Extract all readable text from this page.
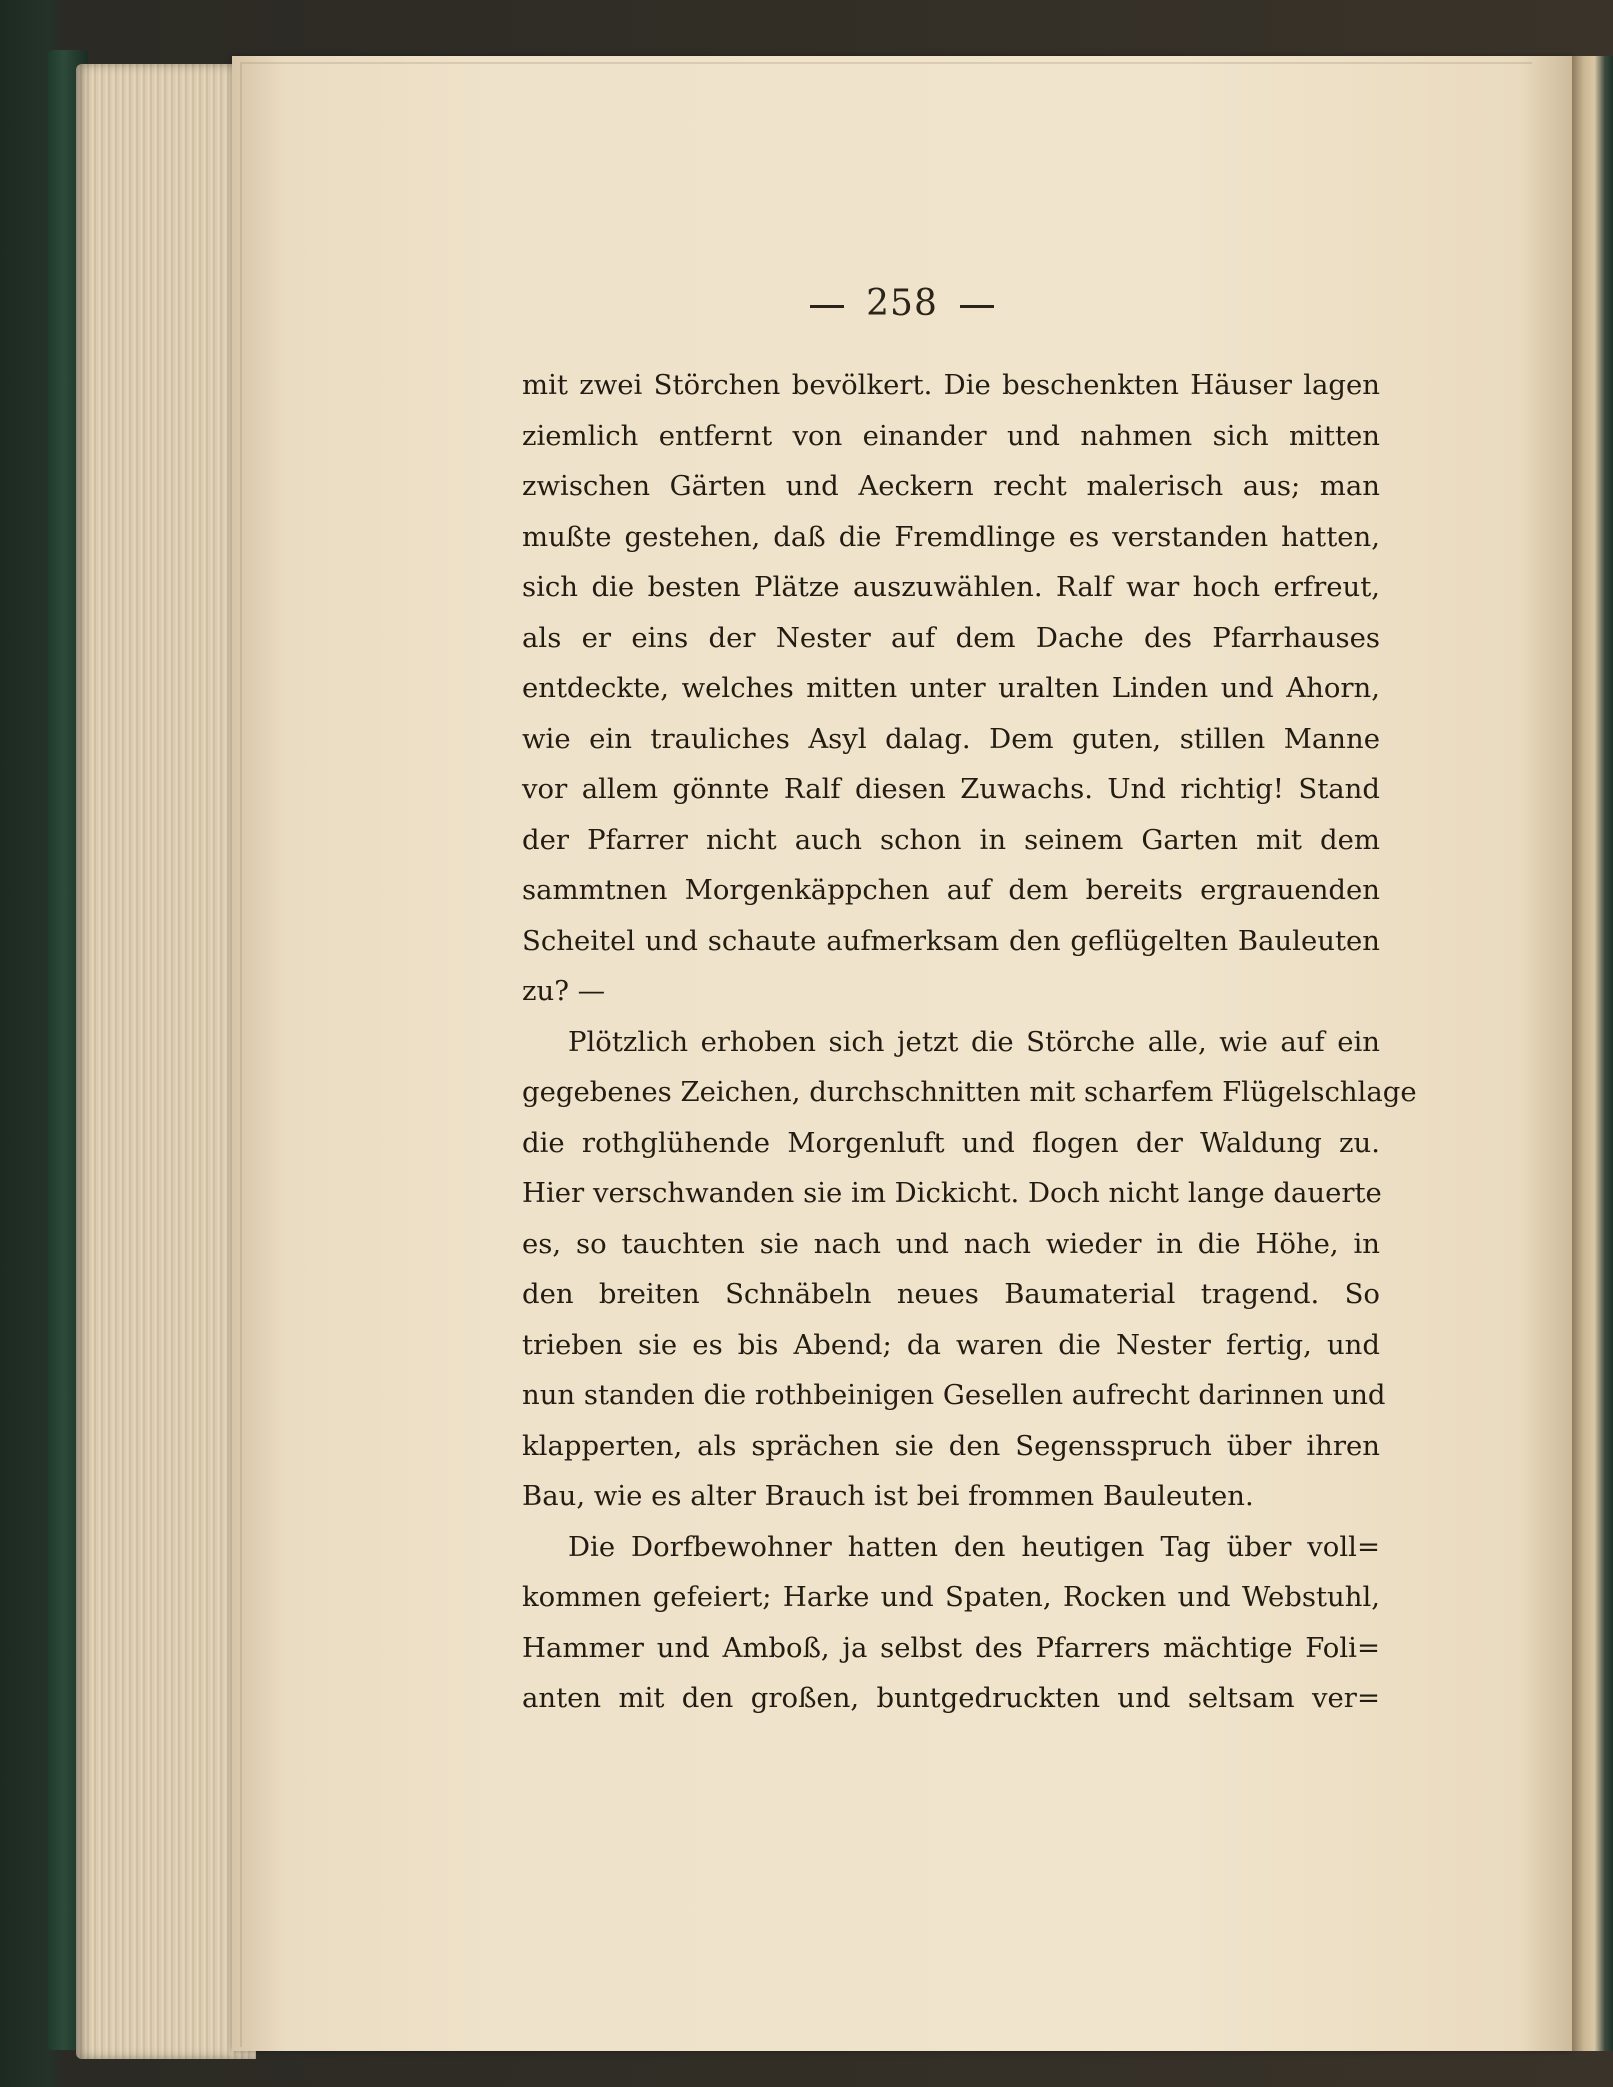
258
mit zwei Störchen bevölkert. Die beschenkten Häuser lagen
ziemlich entfernt von einander und nahmen sich mitten
zwischen Gärten und Aeckern recht malerisch aus; man
mußte gestehen, daß die Fremdlinge es verstanden hatten,
sich die besten Plätze auszuwählen. Ralf war hoch erfreut,
als er eins der Nester auf dem Dache des Pfarrhauses
entdeckte, welches mitten unter uralten Linden und Ahorn,
wie ein trauliches Asyl dalag. Dem guten, stillen Manne
vor allem gönnte Ralf diesen Zuwachs. Und richtig! Stand
der Pfarrer nicht auch schon in seinem Garten mit dem
sammtnen Morgenkäppchen auf dem bereits ergrauenden
Scheitel und schaute aufmerksam den geflügelten Bauleuten
zu? —
Plötzlich erhoben sich jetzt die Störche alle, wie auf ein
gegebenes Zeichen, durchschnitten mit scharfem Flügelschlage
die rothglühende Morgenluft und flogen der Waldung zu.
Hier verschwanden sie im Dickicht. Doch nicht lange dauerte
es, so tauchten sie nach und nach wieder in die Höhe, in
den breiten Schnäbeln neues Baumaterial tragend. So
trieben sie es bis Abend; da waren die Nester fertig, und
nun standen die rothbeinigen Gesellen aufrecht darinnen und
klapperten, als sprächen sie den Segensspruch über ihren
Bau, wie es alter Brauch ist bei frommen Bauleuten.
Die Dorfbewohner hatten den heutigen Tag über voll=
kommen gefeiert; Harke und Spaten, Rocken und Webstuhl,
Hammer und Amboß, ja selbst des Pfarrers mächtige Foli=
anten mit den großen, buntgedruckten und seltsam ver=
